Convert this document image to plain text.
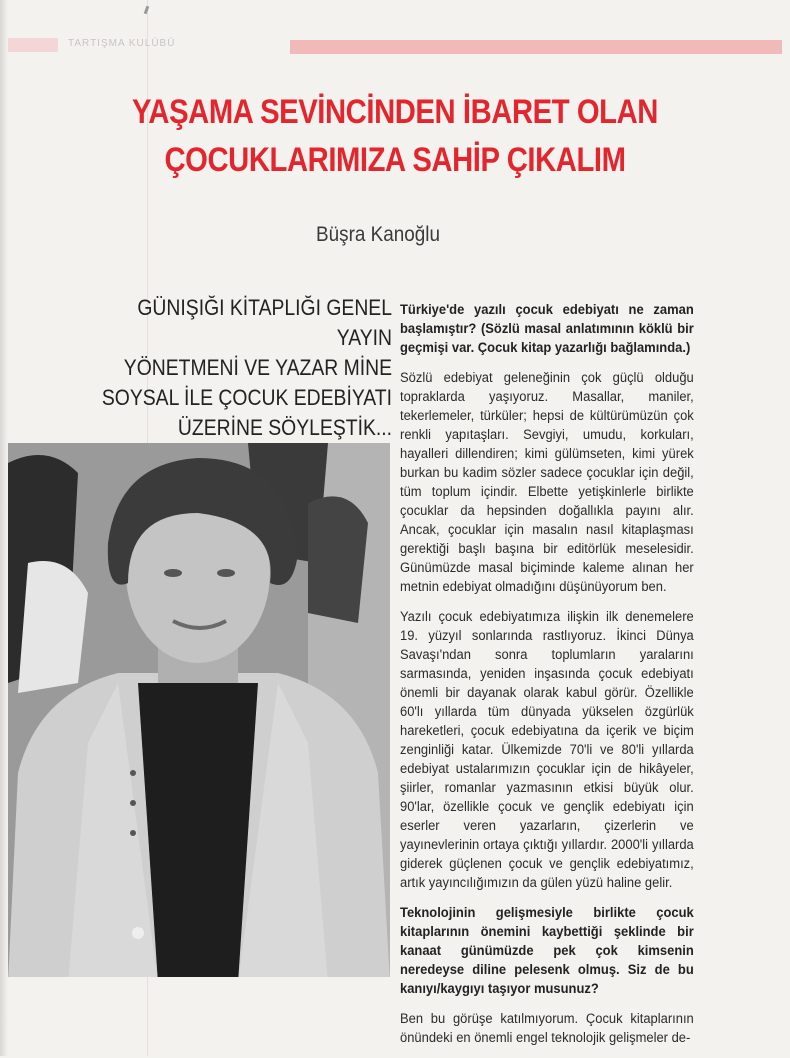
TARTIŞMA KULÜBÜ
YAŞAMA SEVİNCİNDEN İBARET OLAN
ÇOCUKLARIMIZA SAHİP ÇIKALIM
Büşra Kanoğlu

GÜNIŞIĞI KİTAPLIĞI GENEL YAYIN
YÖNETMENİ VE YAZAR MİNE
SOYSAL İLE ÇOCUK EDEBİYATI
ÜZERİNE SÖYLEŞTİK...

Türkiye'de yazılı çocuk edebiyatı ne zaman başlamıştır? (Sözlü masal anlatımının köklü bir geçmişi var. Çocuk kitap yazarlığı bağlamında.)

Sözlü edebiyat geleneğinin çok güçlü olduğu topraklarda yaşıyoruz. Masallar, maniler, tekerlemeler, türküler; hepsi de kültürümüzün çok renkli yapıtaşları. Sevgiyi, umudu, korkuları, hayalleri dillendiren; kimi gülümseten, kimi yürek burkan bu kadim sözler sadece çocuklar için değil, tüm toplum içindir. Elbette yetişkinlerle birlikte çocuklar da hepsinden doğallıkla payını alır. Ancak, çocuklar için masalın nasıl kitaplaşması gerektiği başlı başına bir editörlük meselesidir. Günümüzde masal biçiminde kaleme alınan her metnin edebiyat olmadığını düşünüyorum ben.

Yazılı çocuk edebiyatımıza ilişkin ilk denemelere 19. yüzyıl sonlarında rastlıyoruz. İkinci Dünya Savaşı'ndan sonra toplumların yaralarını sarmasında, yeniden inşasında çocuk edebiyatı önemli bir dayanak olarak kabul görür. Özellikle 60'lı yıllarda tüm dünyada yükselen özgürlük hareketleri, çocuk edebiyatına da içerik ve biçim zenginliği katar. Ülkemizde 70'li ve 80'li yıllarda edebiyat ustalarımızın çocuklar için de hikâyeler, şiirler, romanlar yazmasının etkisi büyük olur. 90'lar, özellikle çocuk ve gençlik edebiyatı için eserler veren yazarların, çizerlerin ve yayınevlerinin ortaya çıktığı yıllardır. 2000'li yıllarda giderek güçlenen çocuk ve gençlik edebiyatımız, artık yayıncılığımızın da gülen yüzü haline gelir.

Teknolojinin gelişmesiyle birlikte çocuk kitaplarının önemini kaybettiği şeklinde bir kanaat günümüzde pek çok kimsenin neredeyse diline pelesenk olmuş. Siz de bu kanıyı/kaygıyı taşıyor musunuz?

Ben bu görüşe katılmıyorum. Çocuk kitaplarının önündeki en önemli engel teknolojik gelişmeler de-
